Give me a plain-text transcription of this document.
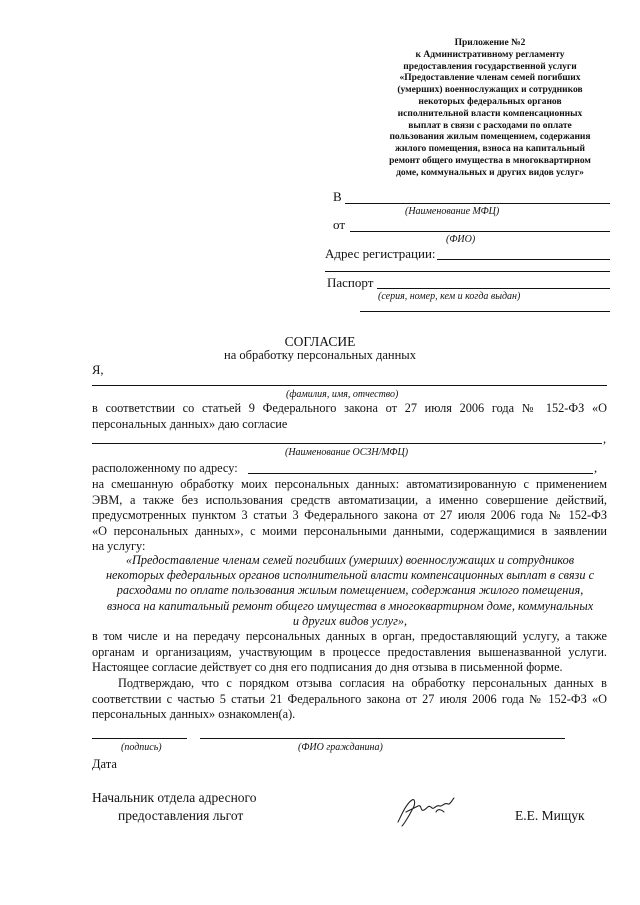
Приложение №2
к Административному регламенту
предоставления государственной услуги
«Предоставление членам семей погибших
(умерших) военнослужащих и сотрудников
некоторых федеральных органов
исполнительной власти компенсационных
выплат в связи с расходами по оплате
пользования жилым помещением, содержания
жилого помещения, взноса на капитальный
ремонт общего имущества в многоквартирном
доме, коммунальных и других видов услуг»
В
(Наименование МФЦ)
от
(ФИО)
Адрес регистрации:
Паспорт
(серия, номер, кем и когда выдан)
СОГЛАСИЕ
на обработку персональных данных
Я,
(фамилия, имя, отчество)
в соответствии со статьей 9 Федерального закона от 27 июля 2006 года № 152-ФЗ «О
персональных данных» даю согласие
,
(Наименование ОСЗН/МФЦ)
расположенному по адресу:	,
на смешанную обработку моих персональных данных: автоматизированную с применением
ЭВМ, а также без использования средств автоматизации, а именно совершение действий,
предусмотренных пунктом 3 статьи 3 Федерального закона от 27 июля 2006 года № 152-ФЗ
«О персональных данных», с моими персональными данными, содержащимися в заявлении
на услугу:
«Предоставление членам семей погибших (умерших) военнослужащих и сотрудников
некоторых федеральных органов исполнительной власти компенсационных выплат в связи с
расходами по оплате пользования жилым помещением, содержания жилого помещения,
взноса на капитальный ремонт общего имущества в многоквартирном доме, коммунальных
и других видов услуг»,
в том числе и на передачу персональных данных в орган, предоставляющий услугу, а также
органам и организациям, участвующим в процессе предоставления вышеназванной услуги.
Настоящее согласие действует со дня его подписания до дня отзыва в письменной форме.
Подтверждаю, что с порядком отзыва согласия на обработку персональных данных в
соответствии с частью 5 статьи 21 Федерального закона от 27 июля 2006 года № 152-ФЗ «О
персональных данных» ознакомлен(а).
(подпись)	(ФИО гражданина)
Дата
Начальник отдела адресного
предоставления льгот	Е.Е. Мищук
